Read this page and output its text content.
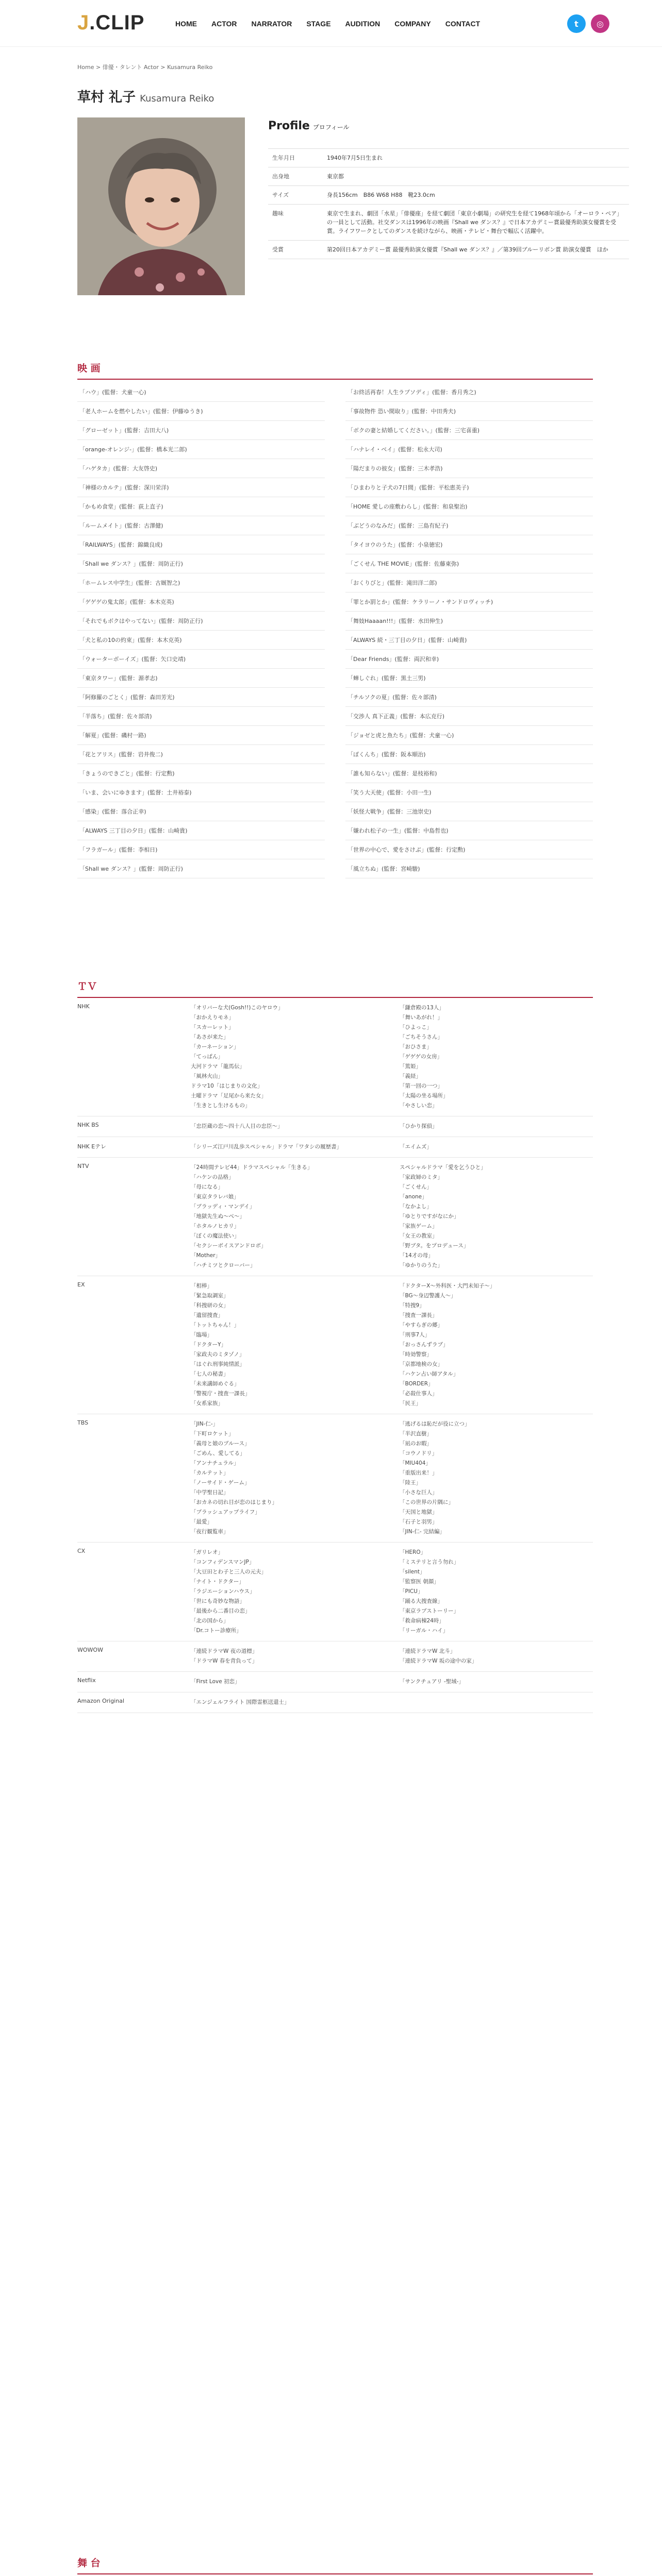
J.CLIP	HOME ACTOR NARRATOR STAGE AUDITION COMPANY CONTACT	t	◎
Home > 俳優・タレント Actor > Kusamura Reiko
草村 礼子 Kusamura Reiko
Profile プロフィール
生年月日	1940年7月5日生まれ
出身地	東京都
サイズ	身長156cm　B86 W68 H88　靴23.0cm
趣味	東京で生まれ、劇団「水星」「俳優座」を経て劇団「東京小劇場」の研究生を経て1968年頃から「オーロラ・ペア」の一員として活動。社交ダンスは1996年の映画『Shall we ダンス？』で日本アカデミー賞最優秀助演女優賞を受賞。ライフワークとしてのダンスを続けながら、映画・テレビ・舞台で幅広く活躍中。
受賞	第20回日本アカデミー賞 最優秀助演女優賞『Shall we ダンス？』／第39回ブルーリボン賞 助演女優賞　ほか
映 画
「ハウ」(監督：犬童一心)	「お終活再春！人生ラプソディ」(監督：香月秀之)
「老人ホームを燃やしたい」(監督：伊藤ゆうき)	「事故物件 恐い間取り」(監督：中田秀夫)
「グローゼット」(監督：吉田大八)	「ボクの妻と結婚してください。」(監督：三宅喜重)
「orange-オレンジ-」(監督：橋本光二郎)	「ハナレイ・ベイ」(監督：松永大司)
「ハゲタカ」(監督：大友啓史)	「陽だまりの彼女」(監督：三木孝浩)
「神様のカルテ」(監督：深川栄洋)	「ひまわりと子犬の7日間」(監督：平松恵美子)
「かもめ食堂」(監督：荻上直子)	「HOME 愛しの座敷わらし」(監督：和泉聖治)
「ルームメイト」(監督：古澤健)	「ぶどうのなみだ」(監督：三島有紀子)
「RAILWAYS」(監督：錦織良成)	「タイヨウのうた」(監督：小泉徳宏)
「Shall we ダンス？」(監督：周防正行)	「ごくせん THE MOVIE」(監督：佐藤東弥)
「ホームレス中学生」(監督：古厩智之)	「おくりびと」(監督：滝田洋二郎)
「ゲゲゲの鬼太郎」(監督：本木克英)	「罪とか罰とか」(監督：ケラリーノ・サンドロヴィッチ)
「それでもボクはやってない」(監督：周防正行)	「舞妓Haaaan!!!」(監督：水田伸生)
「犬と私の10の約束」(監督：本木克英)	「ALWAYS 続・三丁目の夕日」(監督：山崎貴)
「ウォーターボーイズ」(監督：矢口史靖)	「Dear Friends」(監督：両沢和幸)
「東京タワー」(監督：源孝志)	「蝉しぐれ」(監督：黒土三男)
「阿修羅のごとく」(監督：森田芳光)	「チルソクの夏」(監督：佐々部清)
「半落ち」(監督：佐々部清)	「交渉人 真下正義」(監督：本広克行)
「解夏」(監督：磯村一路)	「ジョゼと虎と魚たち」(監督：犬童一心)
「花とアリス」(監督：岩井俊二)	「ぼくんち」(監督：阪本順治)
「きょうのできごと」(監督：行定勲)	「誰も知らない」(監督：是枝裕和)
「いま、会いにゆきます」(監督：土井裕泰)	「笑う大天使」(監督：小田一生)
「感染」(監督：落合正幸)	「妖怪大戦争」(監督：三池崇史)
「ALWAYS 三丁目の夕日」(監督：山崎貴)	「嫌われ松子の一生」(監督：中島哲也)
「フラガール」(監督：李相日)	「世界の中心で、愛をさけぶ」(監督：行定勲)
「Shall we ダンス？」(監督：周防正行)	「風立ちぬ」(監督：宮崎駿)
ＴＶ
NHK	「オリバーな犬(Gosh!!)このヤロウ」	「鎌倉殿の13人」
「おかえりモネ」	「舞いあがれ！」
「スカーレット」	「ひよっこ」
「あさが来た」	「ごちそうさん」
「カーネーション」	「おひさま」
「てっぱん」	「ゲゲゲの女房」
大河ドラマ「龍馬伝」	「篤姫」
「風林火山」	「義経」
ドラマ10「はじまりの文化」	「第一回の一つ」
土曜ドラマ「足尾から来た女」	「太陽の坐る場所」
「生きとし生けるもの」	「やさしい恋」
NHK BS	「忠臣蔵の恋〜四十八人目の忠臣〜」	「ひかり探偵」
NHK Eテレ	「シリーズ江戸川乱歩スペシャル」ドラマ「ワタシの履歴書」	「エイムズ」
NTV	「24時間テレビ44」ドラマスペシャル「生きる」	スペシャルドラマ「愛を乞うひと」
「ハケンの品格」	「家政婦のミタ」
「母になる」	「ごくせん」
「東京タラレバ娘」	「anone」
「ブラッディ・マンデイ」	「なかよし」
「地獄先生ぬ〜べ〜」	「ゆとりですがなにか」
「ホタルノヒカリ」	「家族ゲーム」
「ぼくの魔法使い」	「女王の教室」
「セクシーボイスアンドロボ」	「野ブタ。をプロデュース」
「Mother」	「14才の母」
「ハチミツとクローバー」	「ゆかりのうた」
EX	「相棒」	「ドクターX〜外科医・大門未知子〜」
「緊急取調室」	「BG〜身辺警護人〜」
「科捜研の女」	「特捜9」
「遺留捜査」	「捜査一課長」
「トットちゃん！」	「やすらぎの郷」
「臨場」	「刑事7人」
「ドクターY」	「おっさんずラブ」
「家政夫のミタゾノ」	「時効警察」
「はぐれ刑事純情派」	「京都地検の女」
「七人の秘書」	「ハケン占い師アタル」
「未来講師めぐる」	「BORDER」
「警視庁・捜査一課長」	「必殺仕事人」
「女系家族」	「民王」
TBS	「JIN-仁-」	「逃げるは恥だが役に立つ」
「下町ロケット」	「半沢直樹」
「義母と娘のブルース」	「凪のお暇」
「ごめん、愛してる」	「コウノドリ」
「アンナチュラル」	「MIU404」
「カルテット」	「重版出来！」
「ノーサイド・ゲーム」	「陸王」
「中学聖日記」	「小さな巨人」
「おカネの切れ目が恋のはじまり」	「この世界の片隅に」
「ブラッシュアップライフ」	「天国と地獄」
「最愛」	「石子と羽男」
「夜行観覧車」	「JIN-仁- 完結編」
CX	「ガリレオ」	「HERO」
「コンフィデンスマンJP」	「ミステリと言う勿れ」
「大豆田とわ子と三人の元夫」	「silent」
「ナイト・ドクター」	「監察医 朝顔」
「ラジエーションハウス」	「PICU」
「世にも奇妙な物語」	「踊る大捜査線」
「最後から二番目の恋」	「東京ラブストーリー」
「北の国から」	「救命病棟24時」
「Dr.コトー診療所」	「リーガル・ハイ」
WOWOW	「連続ドラマW 夜の道標」	「連続ドラマW 北斗」
「ドラマW 春を背負って」	「連続ドラマW 坂の途中の家」
Netflix	「First Love 初恋」	「サンクチュアリ -聖域-」
Amazon Original	「エンジェルフライト 国際霊柩送還士」
舞 台
